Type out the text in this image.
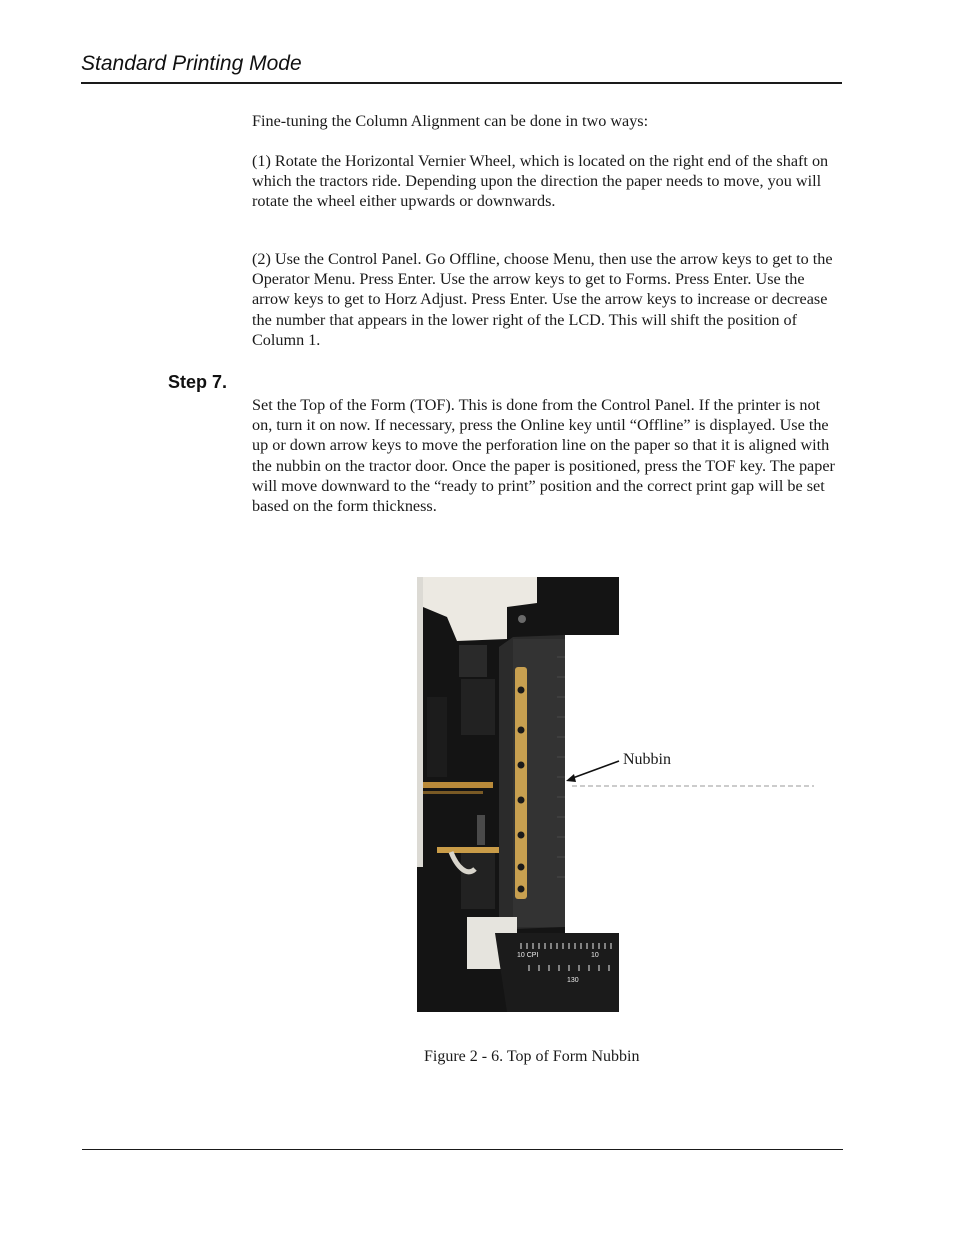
Standard Printing Mode

Fine-tuning the Column Alignment can be done in two ways:

(1) Rotate the Horizontal Vernier Wheel, which is located on the right end of the shaft on which the tractors ride. Depending upon the direction the paper needs to move, you will rotate the wheel either upwards or downwards.

(2) Use the Control Panel. Go Offline, choose Menu, then use the arrow keys to get to the Operator Menu. Press Enter. Use the arrow keys to get to Forms. Press Enter. Use the arrow keys to get to Horz Adjust. Press Enter. Use the arrow keys to increase or decrease the number that appears in the lower right of the LCD. This will shift the position of Column 1.

Step 7.

Set the Top of the Form (TOF). This is done from the Control Panel. If the printer is not on, turn it on now. If necessary, press the Online key until “Offline” is displayed. Use the up or down arrow keys to move the perforation line on the paper so that it is aligned with the nubbin on the tractor door. Once the paper is positioned, press the TOF key. The paper will move downward to the “ready to print” position and the correct print gap will be set based on the form thickness.

10 CPI	10
130
Nubbin
Figure 2 - 6. Top of Form Nubbin
